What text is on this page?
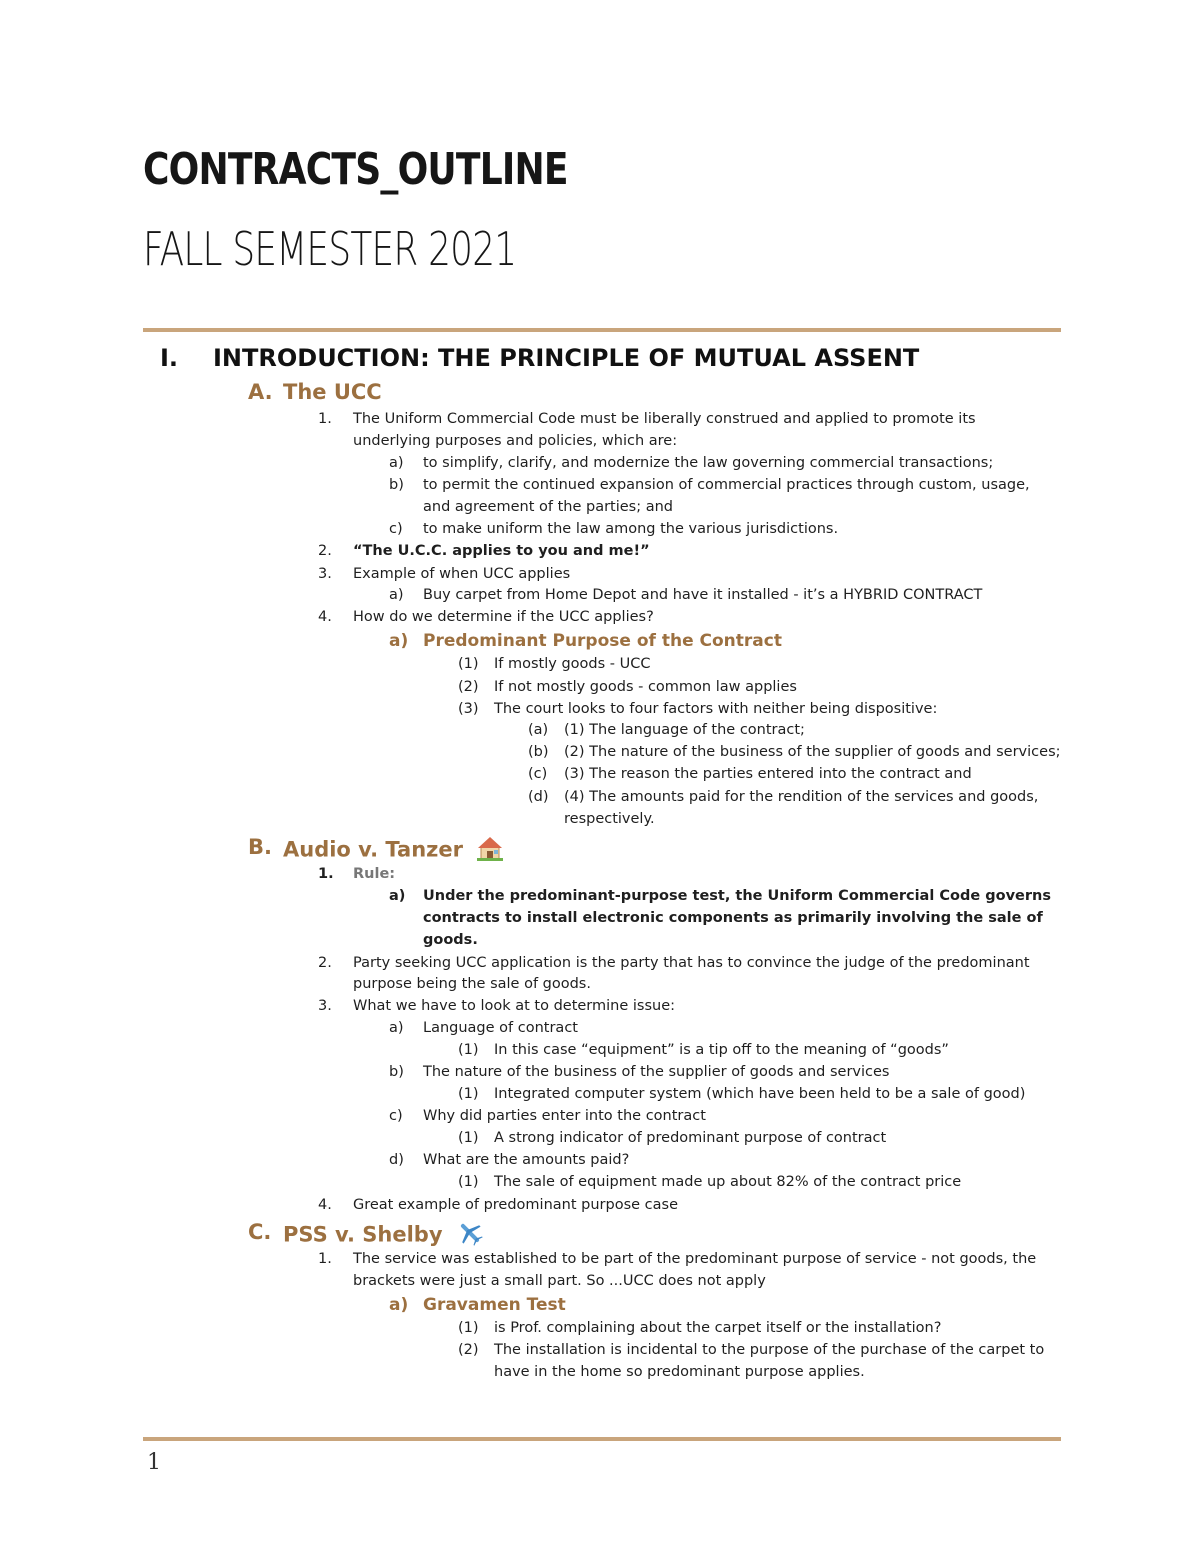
CONTRACTS_OUTLINE
FALL SEMESTER 2021
I. INTRODUCTION: THE PRINCIPLE OF MUTUAL ASSENT
A. The UCC
1. The Uniform Commercial Code must be liberally construed and applied to promote its
underlying purposes and policies, which are:
a) to simplify, clarify, and modernize the law governing commercial transactions;
b) to permit the continued expansion of commercial practices through custom, usage,
and agreement of the parties; and
c) to make uniform the law among the various jurisdictions.
2. “The U.C.C. applies to you and me!”
3. Example of when UCC applies
a) Buy carpet from Home Depot and have it installed - it’s a HYBRID CONTRACT
4. How do we determine if the UCC applies?
a) Predominant Purpose of the Contract
(1) If mostly goods - UCC
(2) If not mostly goods - common law applies
(3) The court looks to four factors with neither being dispositive:
(a) (1) The language of the contract;
(b) (2) The nature of the business of the supplier of goods and services;
(c) (3) The reason the parties entered into the contract and
(d) (4) The amounts paid for the rendition of the services and goods,
respectively.
B. Audio v. Tanzer
1. Rule:
a) Under the predominant-purpose test, the Uniform Commercial Code governs
contracts to install electronic components as primarily involving the sale of
goods.
2. Party seeking UCC application is the party that has to convince the judge of the predominant
purpose being the sale of goods.
3. What we have to look at to determine issue:
a) Language of contract
(1) In this case “equipment” is a tip off to the meaning of “goods”
b) The nature of the business of the supplier of goods and services
(1) Integrated computer system (which have been held to be a sale of good)
c) Why did parties enter into the contract
(1) A strong indicator of predominant purpose of contract
d) What are the amounts paid?
(1) The sale of equipment made up about 82% of the contract price
4. Great example of predominant purpose case
C. PSS v. Shelby
1. The service was established to be part of the predominant purpose of service - not goods, the
brackets were just a small part. So ...UCC does not apply
a) Gravamen Test
(1) is Prof. complaining about the carpet itself or the installation?
(2) The installation is incidental to the purpose of the purchase of the carpet to
have in the home so predominant purpose applies.
1
